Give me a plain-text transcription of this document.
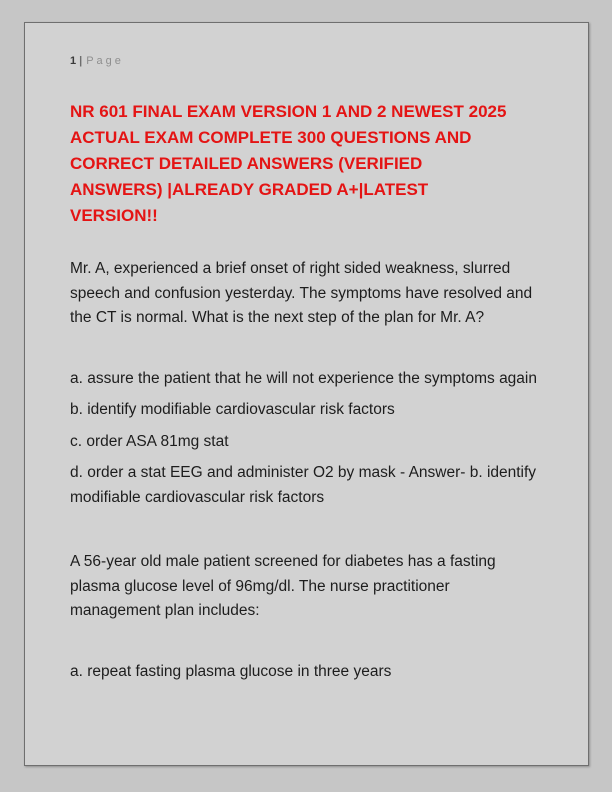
1 | Page
NR 601 FINAL EXAM VERSION 1 AND 2 NEWEST 2025
ACTUAL EXAM COMPLETE 300 QUESTIONS AND
CORRECT DETAILED ANSWERS (VERIFIED
ANSWERS) |ALREADY GRADED A+|LATEST
VERSION!!

Mr. A, experienced a brief onset of right sided weakness, slurred speech and confusion yesterday. The symptoms have resolved and the CT is normal. What is the next step of the plan for Mr. A?

a. assure the patient that he will not experience the symptoms again

b. identify modifiable cardiovascular risk factors

c. order ASA 81mg stat

d. order a stat EEG and administer O2 by mask - Answer- b. identify modifiable cardiovascular risk factors

A 56-year old male patient screened for diabetes has a fasting plasma glucose level of 96mg/dl. The nurse practitioner management plan includes:

a. repeat fasting plasma glucose in three years
